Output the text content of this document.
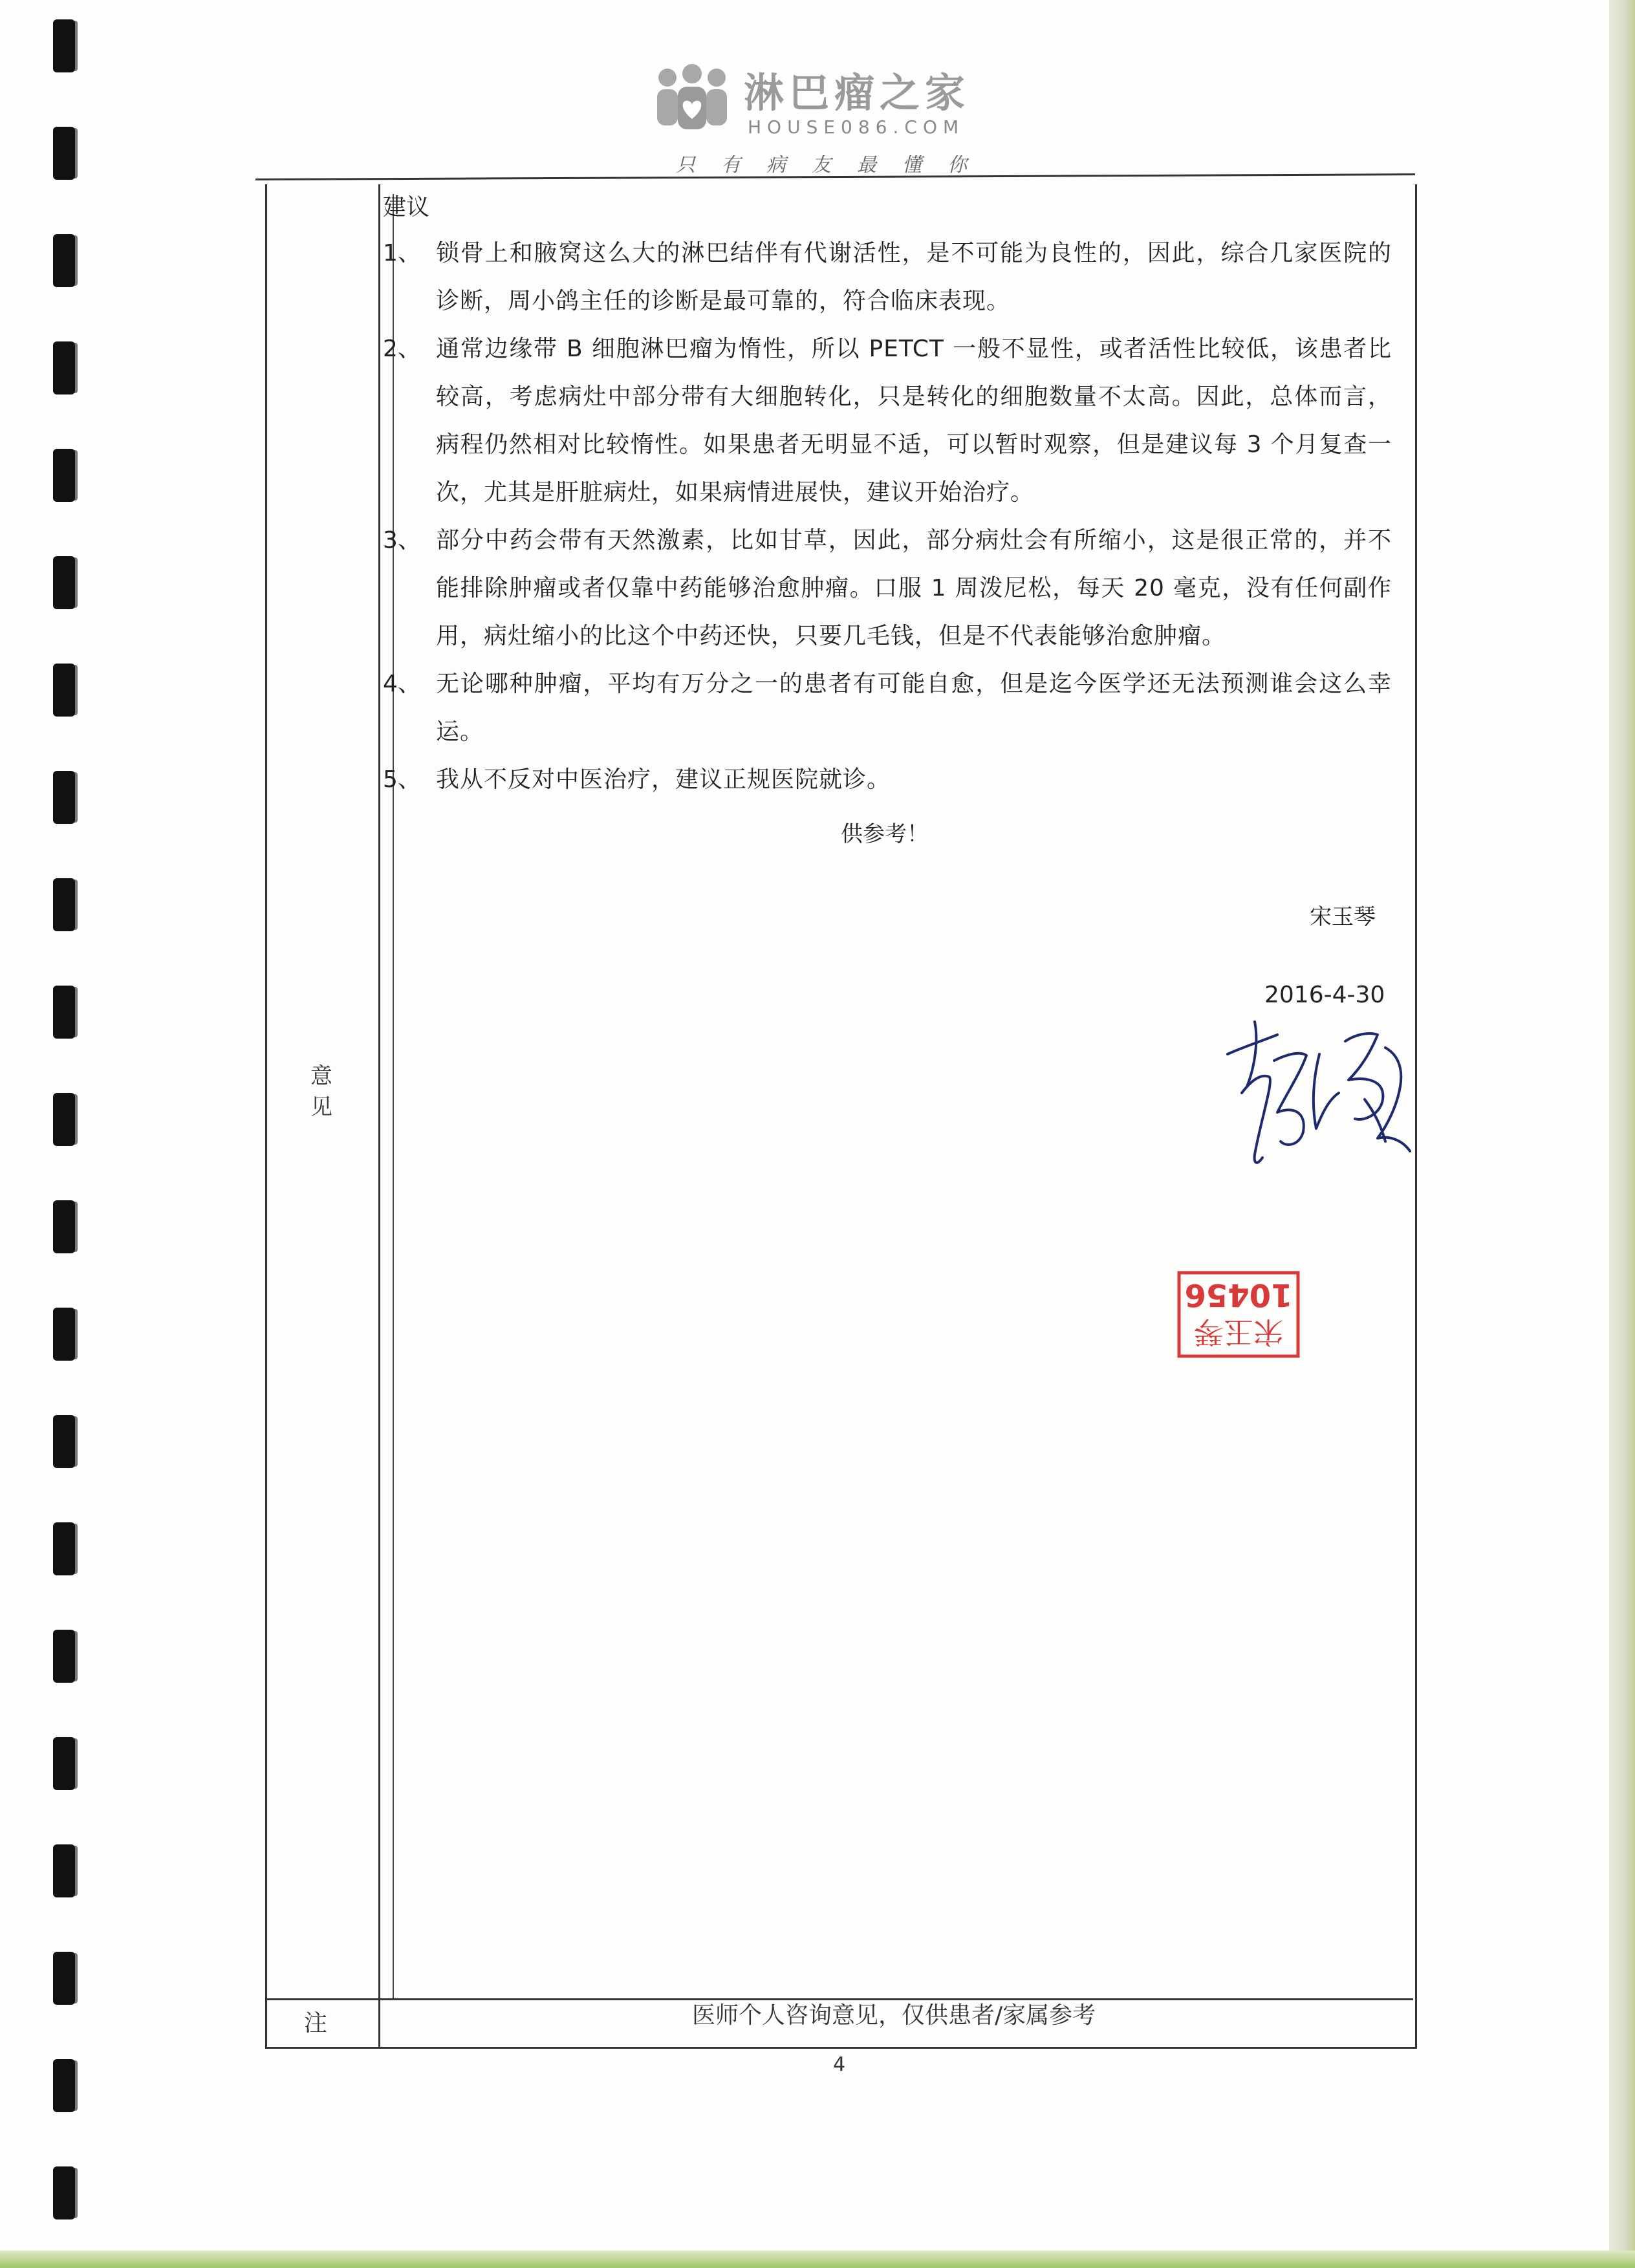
淋巴瘤之家
HOUSE086.COM
只有病友最懂你
意见
注	医师个人咨询意见，仅供患者/家属参考
建议
1、 锁骨上和腋窝这么大的淋巴结伴有代谢活性，是不可能为良性的，因此，综合几家医院的诊断，周小鸽主任的诊断是最可靠的，符合临床表现。
2、 通常边缘带 B 细胞淋巴瘤为惰性，所以 PETCT 一般不显性，或者活性比较低，该患者比较高，考虑病灶中部分带有大细胞转化，只是转化的细胞数量不太高。因此，总体而言，病程仍然相对比较惰性。如果患者无明显不适，可以暂时观察，但是建议每 3 个月复查一次，尤其是肝脏病灶，如果病情进展快，建议开始治疗。
3、 部分中药会带有天然激素，比如甘草，因此，部分病灶会有所缩小，这是很正常的，并不能排除肿瘤或者仅靠中药能够治愈肿瘤。口服 1 周泼尼松，每天 20 毫克，没有任何副作用，病灶缩小的比这个中药还快，只要几毛钱，但是不代表能够治愈肿瘤。
4、 无论哪种肿瘤，平均有万分之一的患者有可能自愈，但是迄今医学还无法预测谁会这么幸运。
5、 我从不反对中医治疗，建议正规医院就诊。
供参考！
宋玉琴
2016-4-30
宋玉琴
10456
4
